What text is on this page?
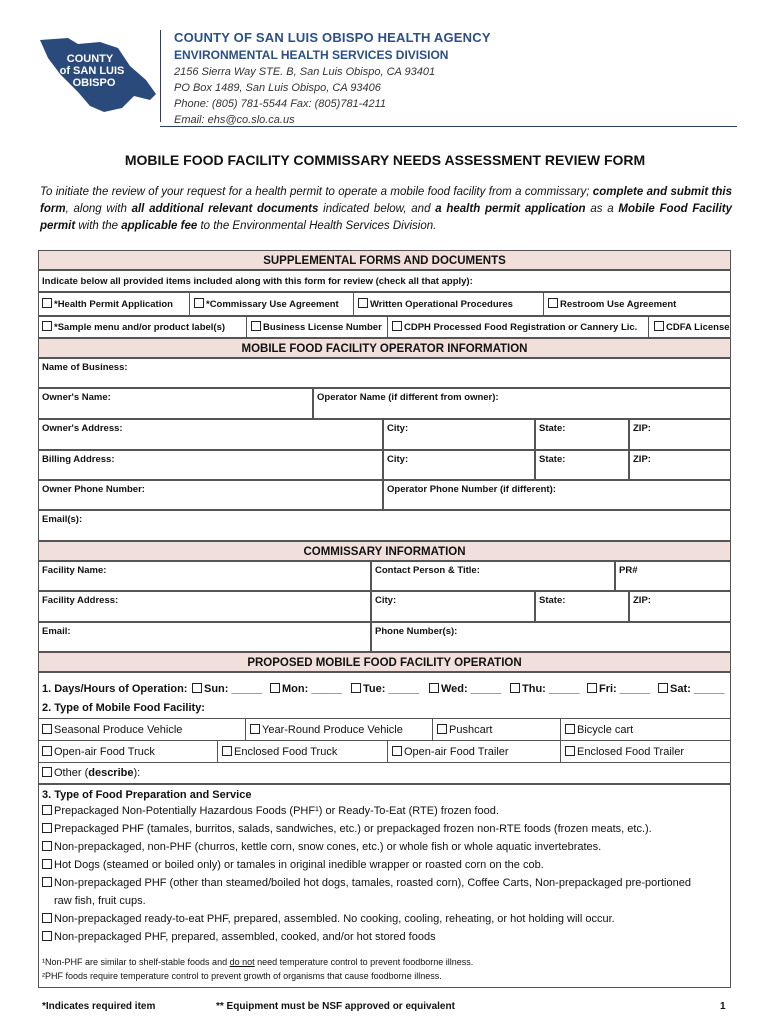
COUNTY
of SAN LUIS
OBISPO
COUNTY OF SAN LUIS OBISPO HEALTH AGENCY
ENVIRONMENTAL HEALTH SERVICES DIVISION
2156 Sierra Way STE. B, San Luis Obispo, CA 93401
PO Box 1489, San Luis Obispo, CA 93406
Phone: (805) 781-5544 Fax: (805)781-4211
Email: ehs@co.slo.ca.us
MOBILE FOOD FACILITY COMMISSARY NEEDS ASSESSMENT REVIEW FORM
To initiate the review of your request for a health permit to operate a mobile food facility from a commissary; complete and submit this form, along with all additional relevant documents indicated below, and a health permit application as a Mobile Food Facility permit with the applicable fee to the Environmental Health Services Division.
SUPPLEMENTAL FORMS AND DOCUMENTS
Indicate below all provided items included along with this form for review (check all that apply):
*Health Permit Application	*Commissary Use Agreement	Written Operational Procedures	Restroom Use Agreement
*Sample menu and/or product label(s)	Business License Number	CDPH Processed Food Registration or Cannery Lic.	CDFA License
MOBILE FOOD FACILITY OPERATOR INFORMATION
Name of Business:
Owner's Name:	Operator Name (if different from owner):
Owner's Address:	City:	State:	ZIP:
Billing Address:	City:	State:	ZIP:
Owner Phone Number:	Operator Phone Number (if different):
Email(s):
COMMISSARY INFORMATION
Facility Name:	Contact Person & Title:	PR#
Facility Address:	City:	State:	ZIP:
Email:	Phone Number(s):
PROPOSED MOBILE FOOD FACILITY OPERATION
1. Days/Hours of Operation:	Sun: _____	Mon: _____	Tue: _____	Wed: _____	Thu: _____	Fri: _____	Sat: _____
2. Type of Mobile Food Facility:
Seasonal Produce Vehicle	Year-Round Produce Vehicle	Pushcart	Bicycle cart
Open-air Food Truck	Enclosed Food Truck	Open-air Food Trailer	Enclosed Food Trailer
Other (describe):
3. Type of Food Preparation and Service
Prepackaged Non-Potentially Hazardous Foods (PHF¹) or Ready-To-Eat (RTE) frozen food.
Prepackaged PHF (tamales, burritos, salads, sandwiches, etc.) or prepackaged frozen non-RTE foods (frozen meats, etc.).
Non-prepackaged, non-PHF (churros, kettle corn, snow cones, etc.) or whole fish or whole aquatic invertebrates.
Hot Dogs (steamed or boiled only) or tamales in original inedible wrapper or roasted corn on the cob.
Non-prepackaged PHF (other than steamed/boiled hot dogs, tamales, roasted corn), Coffee Carts, Non-prepackaged pre-portioned
raw fish, fruit cups.
Non-prepackaged ready-to-eat PHF, prepared, assembled. No cooking, cooling, reheating, or hot holding will occur.
Non-prepackaged PHF, prepared, assembled, cooked, and/or hot stored foods
¹Non-PHF are similar to shelf-stable foods and do not need temperature control to prevent foodborne illness.
²PHF foods require temperature control to prevent growth of organisms that cause foodborne illness.
*Indicates required item	** Equipment must be NSF approved or equivalent	1
